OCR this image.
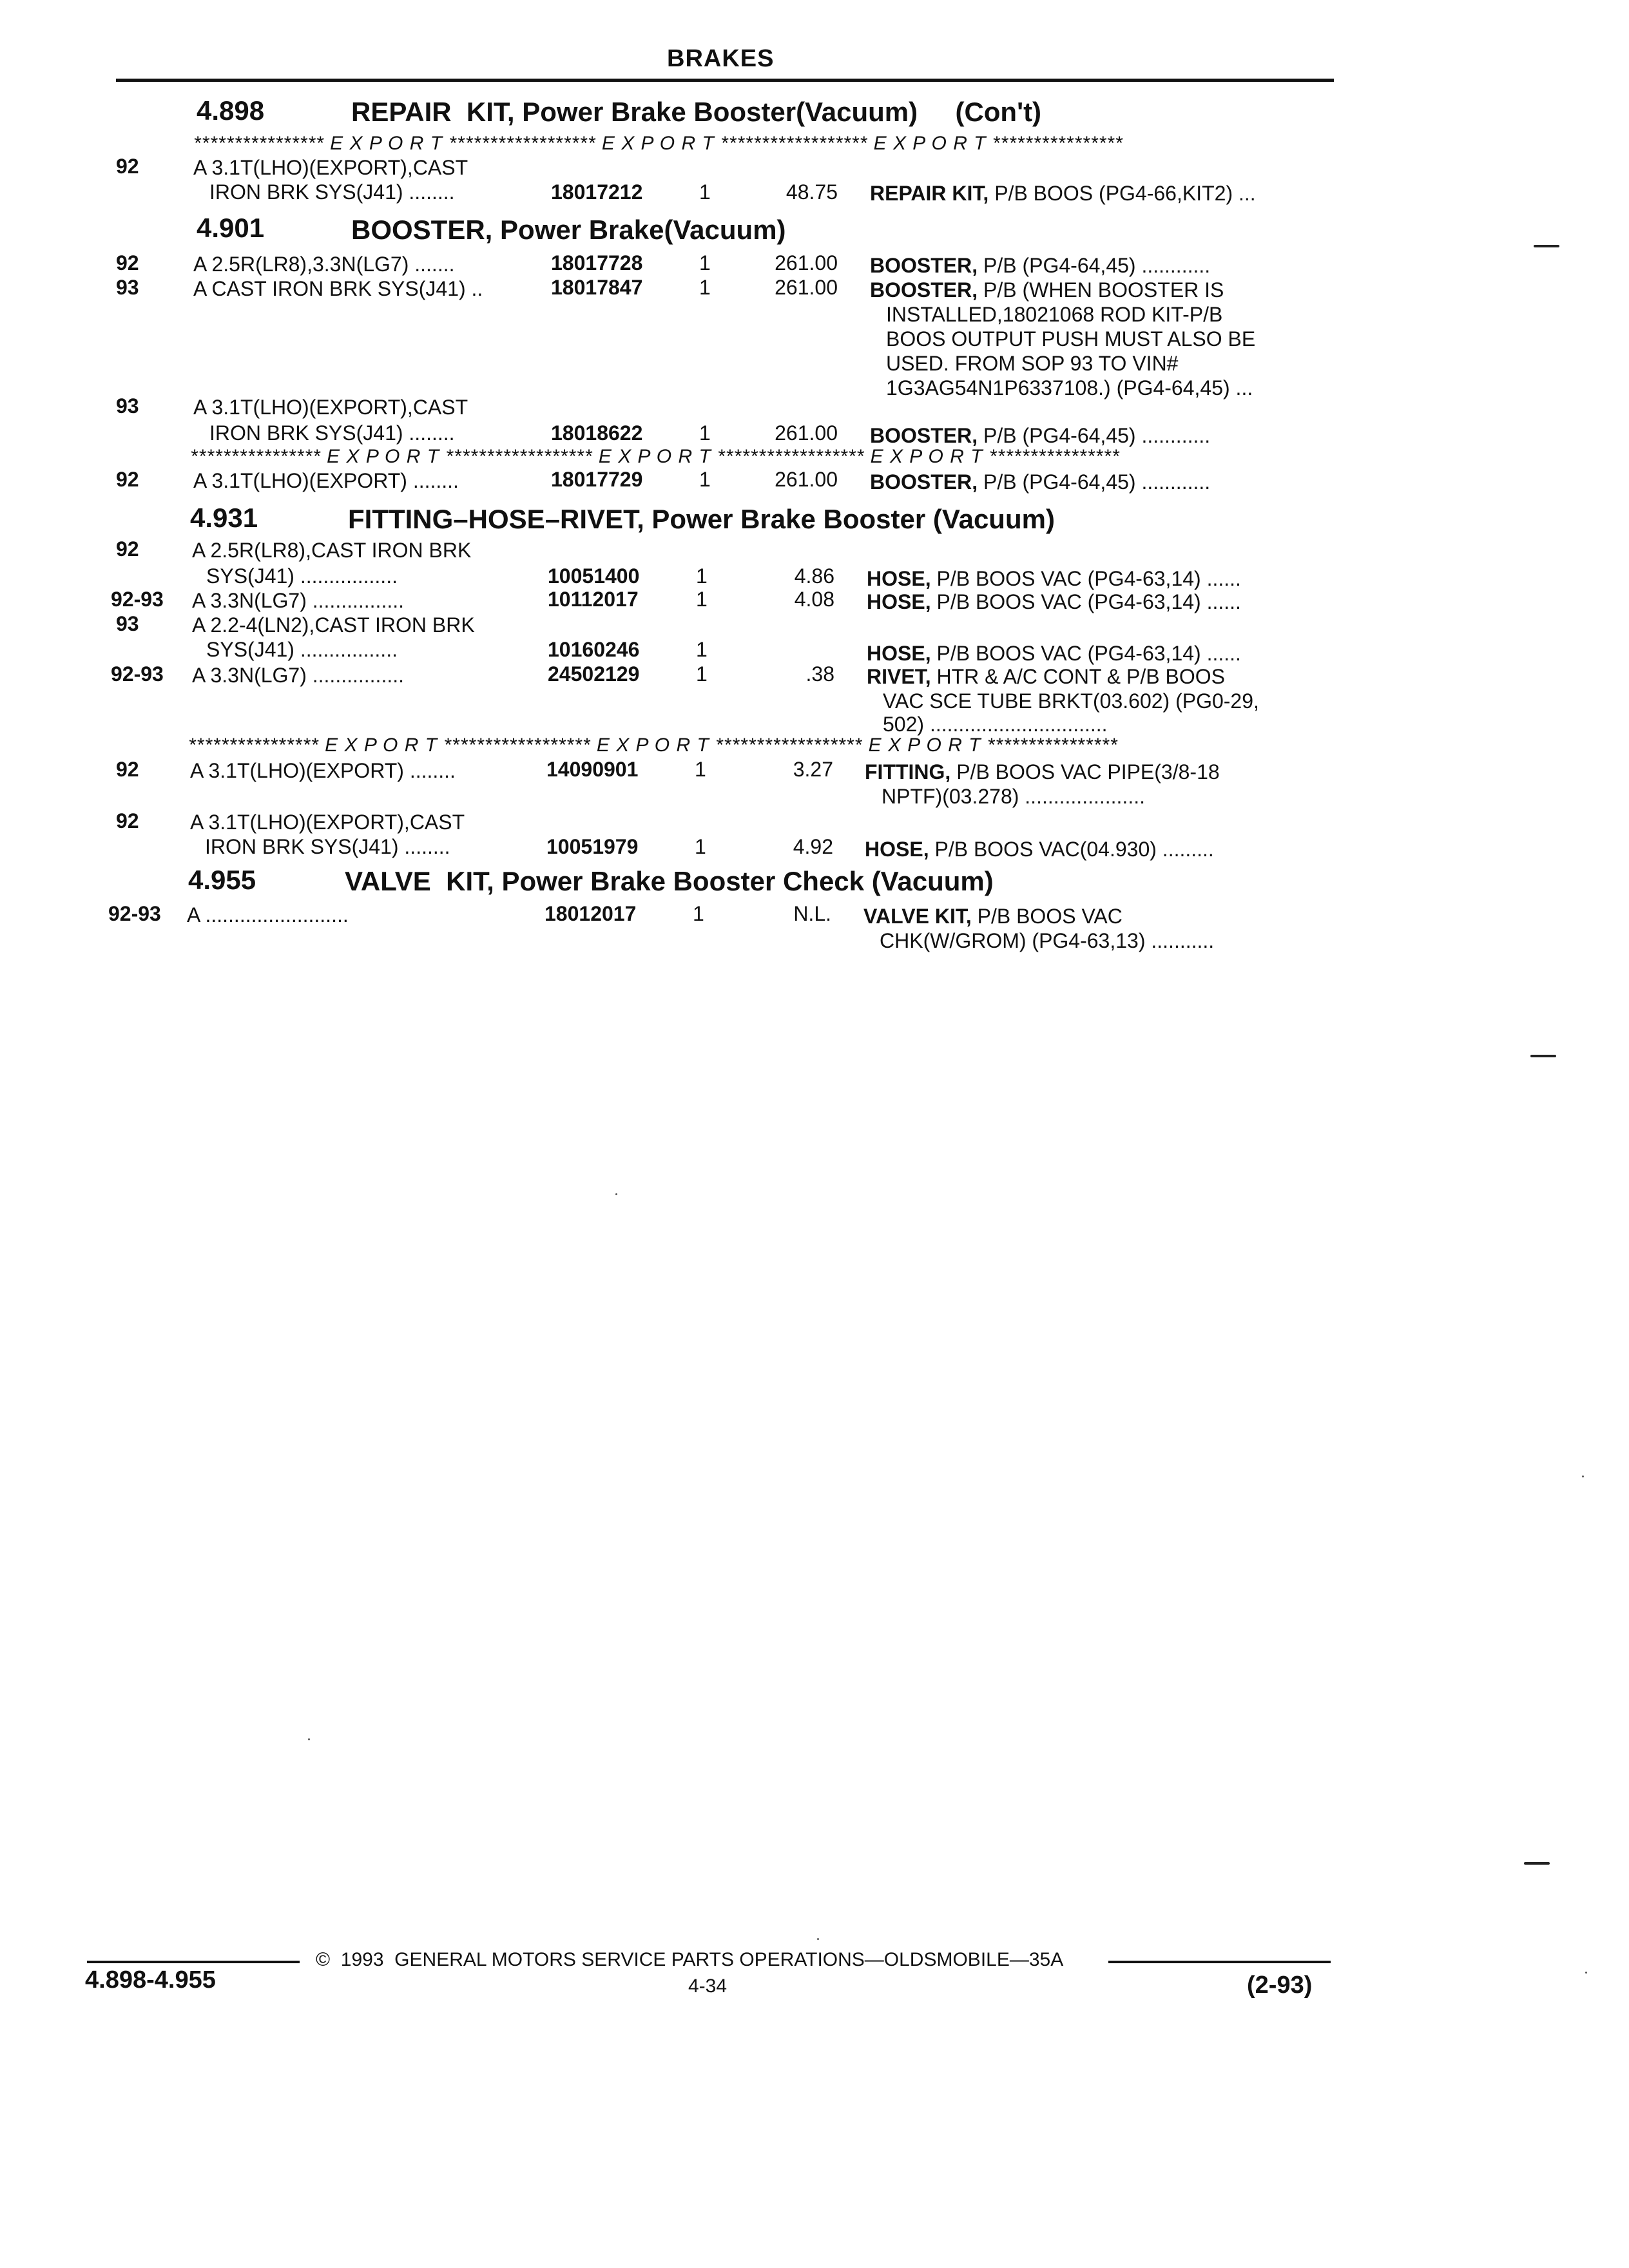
BRAKES
4.898	REPAIR  KIT, Power Brake Booster(Vacuum)     (Con't)
**************** E X P O R T ****************** E X P O R T ****************** E X P O R T ****************
92	A 3.1T(LHO)(EXPORT),CAST
IRON BRK SYS(J41) ........	18017212	1	48.75 REPAIR KIT, P/B BOOS (PG4-66,KIT2) ...
4.901	BOOSTER, Power Brake(Vacuum)
92	A 2.5R(LR8),3.3N(LG7) .......	18017728	1	261.00 BOOSTER, P/B (PG4-64,45) ............
93	A CAST IRON BRK SYS(J41) ..	18017847	1	261.00 BOOSTER, P/B (WHEN BOOSTER IS
INSTALLED,18021068 ROD KIT-P/B
BOOS OUTPUT PUSH MUST ALSO BE
USED. FROM SOP 93 TO VIN#
1G3AG54N1P6337108.) (PG4-64,45) ...
93	A 3.1T(LHO)(EXPORT),CAST
IRON BRK SYS(J41) ........	18018622	1	261.00 BOOSTER, P/B (PG4-64,45) ............
**************** E X P O R T ****************** E X P O R T ****************** E X P O R T ****************
92	A 3.1T(LHO)(EXPORT) ........	18017729	1	261.00 BOOSTER, P/B (PG4-64,45) ............
4.931	FITTING–HOSE–RIVET, Power Brake Booster (Vacuum)
92	A 2.5R(LR8),CAST IRON BRK
SYS(J41) .................	10051400	1	4.86 HOSE, P/B BOOS VAC (PG4-63,14) ......
92-93 A 3.3N(LG7) ................	10112017	1	4.08 HOSE, P/B BOOS VAC (PG4-63,14) ......
93	A 2.2-4(LN2),CAST IRON BRK
SYS(J41) .................	10160246	1	HOSE, P/B BOOS VAC (PG4-63,14) ......
92-93 A 3.3N(LG7) ................	24502129	1	.38 RIVET, HTR & A/C CONT & P/B BOOS
VAC SCE TUBE BRKT(03.602) (PG0-29,
502) ...............................
**************** E X P O R T ****************** E X P O R T ****************** E X P O R T ****************
92 A 3.1T(LHO)(EXPORT) ........	14090901	1	3.27 FITTING, P/B BOOS VAC PIPE(3/8-18
NPTF)(03.278) .....................
92 A 3.1T(LHO)(EXPORT),CAST
IRON BRK SYS(J41) ........	10051979	1	4.92 HOSE, P/B BOOS VAC(04.930) .........
4.955	VALVE  KIT, Power Brake Booster Check (Vacuum)
92-93 A .........................	18012017	1	N.L. VALVE KIT, P/B BOOS VAC
CHK(W/GROM) (PG4-63,13) ...........
©  1993  GENERAL MOTORS SERVICE PARTS OPERATIONS—OLDSMOBILE—35A
4.898-4.955	4-34	(2-93)
